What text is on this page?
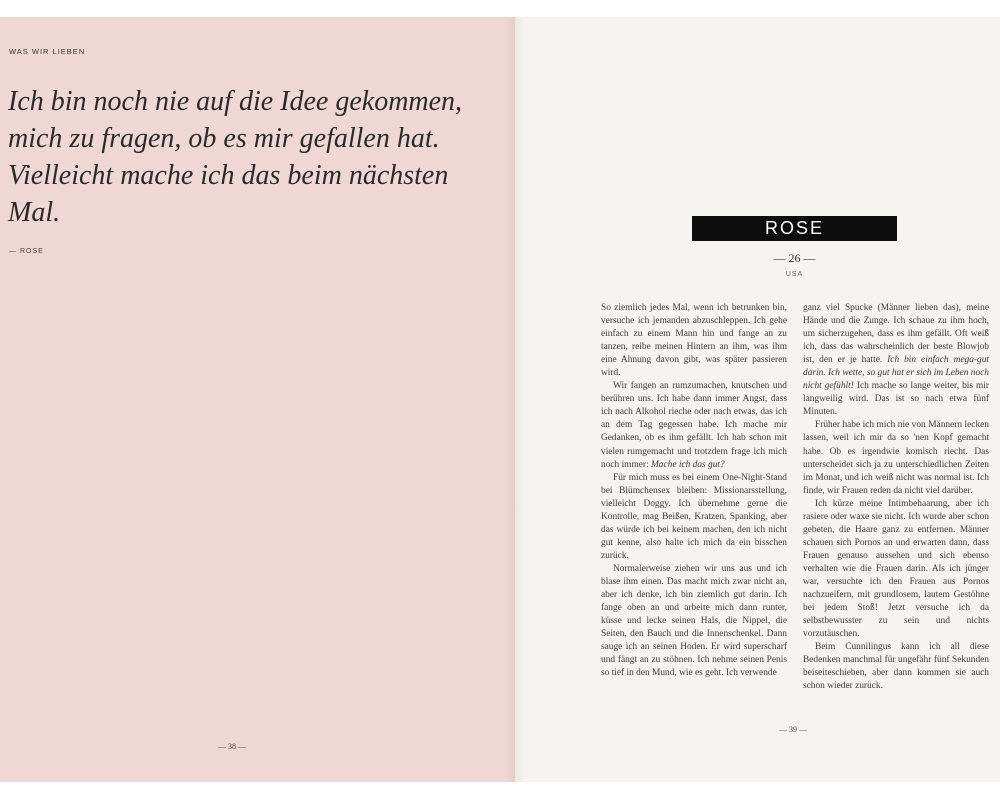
WAS WIR LIEBEN

Ich bin noch nie auf die Idee gekommen, mich zu fragen, ob es mir gefallen hat. Vielleicht mache ich das beim nächsten Mal.

— ROSE
— 38 —
ROSE
— 26 —
USA

So ziemlich jedes Mal, wenn ich betrunken bin, versuche ich jemanden abzuschleppen. Ich gehe einfach zu einem Mann hin und fange an zu tanzen, reibe meinen Hintern an ihm, was ihm eine Ahnung davon gibt, was später passieren wird.

Wir fangen an rumzumachen, knutschen und berühren uns. Ich habe dann immer Angst, dass ich nach Alkohol rieche oder nach etwas, das ich an dem Tag gegessen habe. Ich mache mir Gedanken, ob es ihm gefällt. Ich hab schon mit vielen rumgemacht und trotzdem frage ich mich noch immer: Mache ich das gut?

Für mich muss es bei einem One-Night-Stand bei Blümchensex bleiben: Missionarsstellung, vielleicht Doggy. Ich übernehme gerne die Kontrolle, mag Beißen, Kratzen, Spanking, aber das würde ich bei keinem machen, den ich nicht gut kenne, also halte ich mich da ein bisschen zurück.

Normalerweise ziehen wir uns aus und ich blase ihm einen. Das macht mich zwar nicht an, aber ich denke, ich bin ziemlich gut darin. Ich fange oben an und arbeite mich dann runter, küsse und lecke seinen Hals, die Nippel, die Seiten, den Bauch und die Innenschenkel. Dann sauge ich an seinen Hoden. Er wird superscharf und fängt an zu stöhnen. Ich nehme seinen Penis so tief in den Mund, wie es geht. Ich verwende

ganz viel Spucke (Männer lieben das), meine Hände und die Zunge. Ich schaue zu ihm hoch, um sicherzugehen, dass es ihm gefällt. Oft weiß ich, dass das wahrscheinlich der beste Blowjob ist, den er je hatte. Ich bin einfach mega-gut darin. Ich wette, so gut hat er sich im Leben noch nicht gefühlt! Ich mache so lange weiter, bis mir langweilig wird. Das ist so nach etwa fünf Minuten.

Früher habe ich mich nie von Männern lecken lassen, weil ich mir da so 'nen Kopf gemacht habe. Ob es irgendwie komisch riecht. Das unterscheidet sich ja zu unterschiedlichen Zeiten im Monat, und ich weiß nicht was normal ist. Ich finde, wir Frauen reden da nicht viel darüber.

Ich kürze meine Intimbehaarung, aber ich rasiere oder waxe sie nicht. Ich wurde aber schon gebeten, die Haare ganz zu entfernen. Männer schauen sich Pornos an und erwarten dann, dass Frauen genauso aussehen und sich ebenso verhalten wie die Frauen darin. Als ich jünger war, versuchte ich den Frauen aus Pornos nachzueifern, mit grundlosem, lautem Gestöhne bei jedem Stoß! Jetzt versuche ich da selbstbewusster zu sein und nichts vorzutäuschen.

Beim Cunnilingus kann ich all diese Bedenken manchmal für ungefähr fünf Sekunden beiseiteschieben, aber dann kommen sie auch schon wieder zurück.

— 39 —
